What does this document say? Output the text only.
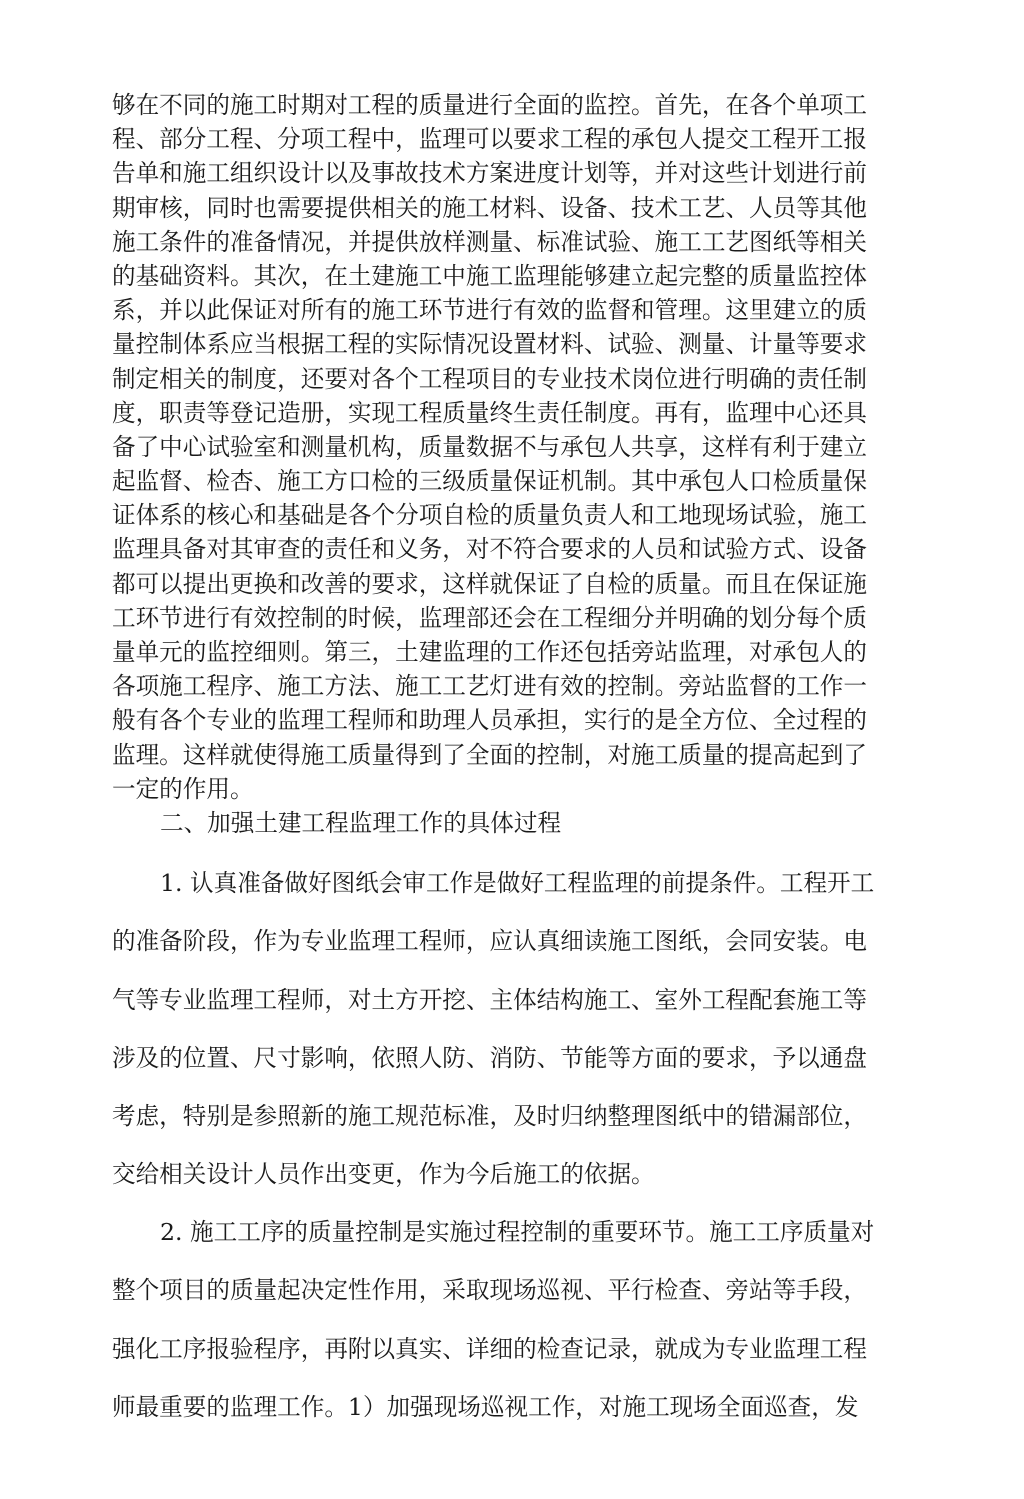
够在不同的施工时期对工程的质量进行全面的监控。首先，在各个单项工
程、部分工程、分项工程中，监理可以要求工程的承包人提交工程开工报
告单和施工组织设计以及事故技术方案进度计划等，并对这些计划进行前
期审核，同时也需要提供相关的施工材料、设备、技术工艺、人员等其他
施工条件的准备情况，并提供放样测量、标准试验、施工工艺图纸等相关
的基础资料。其次，在土建施工中施工监理能够建立起完整的质量监控体
系，并以此保证对所有的施工环节进行有效的监督和管理。这里建立的质
量控制体系应当根据工程的实际情况设置材料、试验、测量、计量等要求
制定相关的制度，还要对各个工程项目的专业技术岗位进行明确的责任制
度，职责等登记造册，实现工程质量终生责任制度。再有，监理中心还具
备了中心试验室和测量机构，质量数据不与承包人共享，这样有利于建立
起监督、检杏、施工方口检的三级质量保证机制。其中承包人口检质量保
证体系的核心和基础是各个分项自检的质量负责人和工地现场试验，施工
监理具备对其审查的责任和义务，对不符合要求的人员和试验方式、设备
都可以提出更换和改善的要求，这样就保证了自检的质量。而且在保证施
工环节进行有效控制的时候，监理部还会在工程细分并明确的划分每个质
量单元的监控细则。第三，土建监理的工作还包括旁站监理，对承包人的
各项施工程序、施工方法、施工工艺灯进有效的控制。旁站监督的工作一
般有各个专业的监理工程师和助理人员承担，实行的是全方位、全过程的
监理。这样就使得施工质量得到了全面的控制，对施工质量的提高起到了
一定的作用。

二、加强土建工程监理工作的具体过程

1. 认真准备做好图纸会审工作是做好工程监理的前提条件。工程开工
的准备阶段，作为专业监理工程师，应认真细读施工图纸，会同安装。电
气等专业监理工程师，对土方开挖、主体结构施工、室外工程配套施工等
涉及的位置、尺寸影响，依照人防、消防、节能等方面的要求，予以通盘
考虑，特别是参照新的施工规范标准，及时归纳整理图纸中的错漏部位，
交给相关设计人员作出变更，作为今后施工的依据。
2. 施工工序的质量控制是实施过程控制的重要环节。施工工序质量对
整个项目的质量起决定性作用，采取现场巡视、平行检查、旁站等手段，
强化工序报验程序，再附以真实、详细的检查记录，就成为专业监理工程
师最重要的监理工作。1）加强现场巡视工作，对施工现场全面巡查，发
